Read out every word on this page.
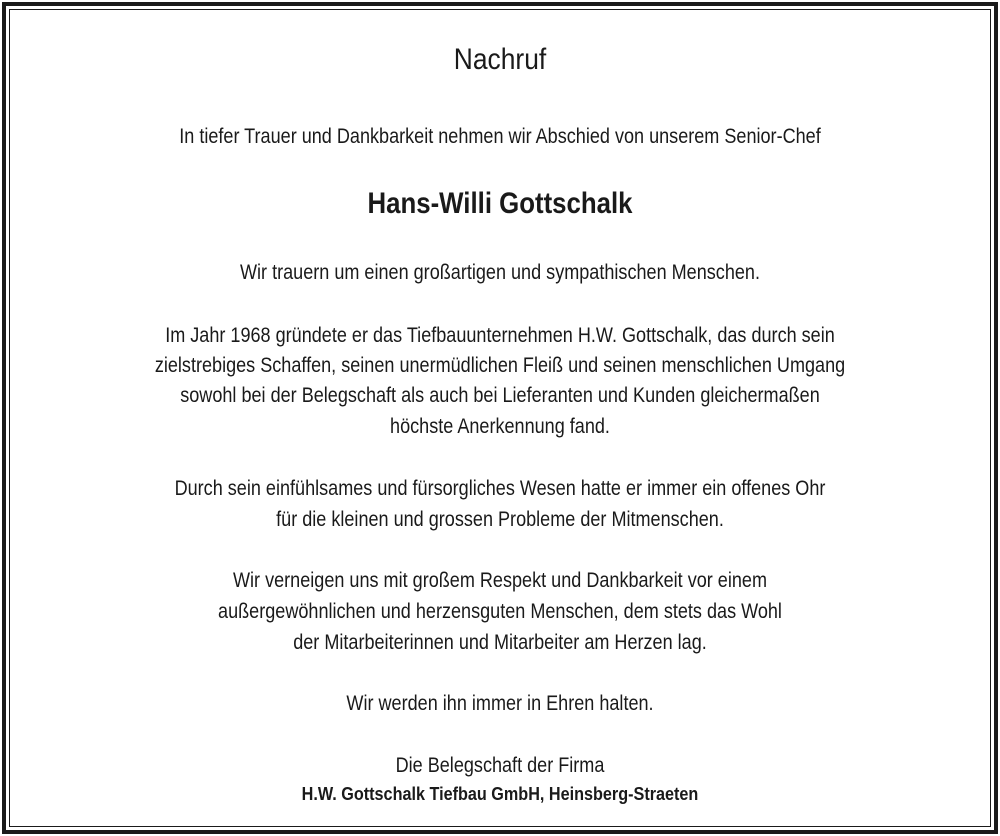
Nachruf
In tiefer Trauer und Dankbarkeit nehmen wir Abschied von unserem Senior-Chef
Hans-Willi Gottschalk
Wir trauern um einen großartigen und sympathischen Menschen.
Im Jahr 1968 gründete er das Tiefbauunternehmen H.W. Gottschalk, das durch sein
zielstrebiges Schaffen, seinen unermüdlichen Fleiß und seinen menschlichen Umgang
sowohl bei der Belegschaft als auch bei Lieferanten und Kunden gleichermaßen
höchste Anerkennung fand.
Durch sein einfühlsames und fürsorgliches Wesen hatte er immer ein offenes Ohr
für die kleinen und grossen Probleme der Mitmenschen.
Wir verneigen uns mit großem Respekt und Dankbarkeit vor einem
außergewöhnlichen und herzensguten Menschen, dem stets das Wohl
der Mitarbeiterinnen und Mitarbeiter am Herzen lag.
Wir werden ihn immer in Ehren halten.
Die Belegschaft der Firma
H.W. Gottschalk Tiefbau GmbH, Heinsberg-Straeten
